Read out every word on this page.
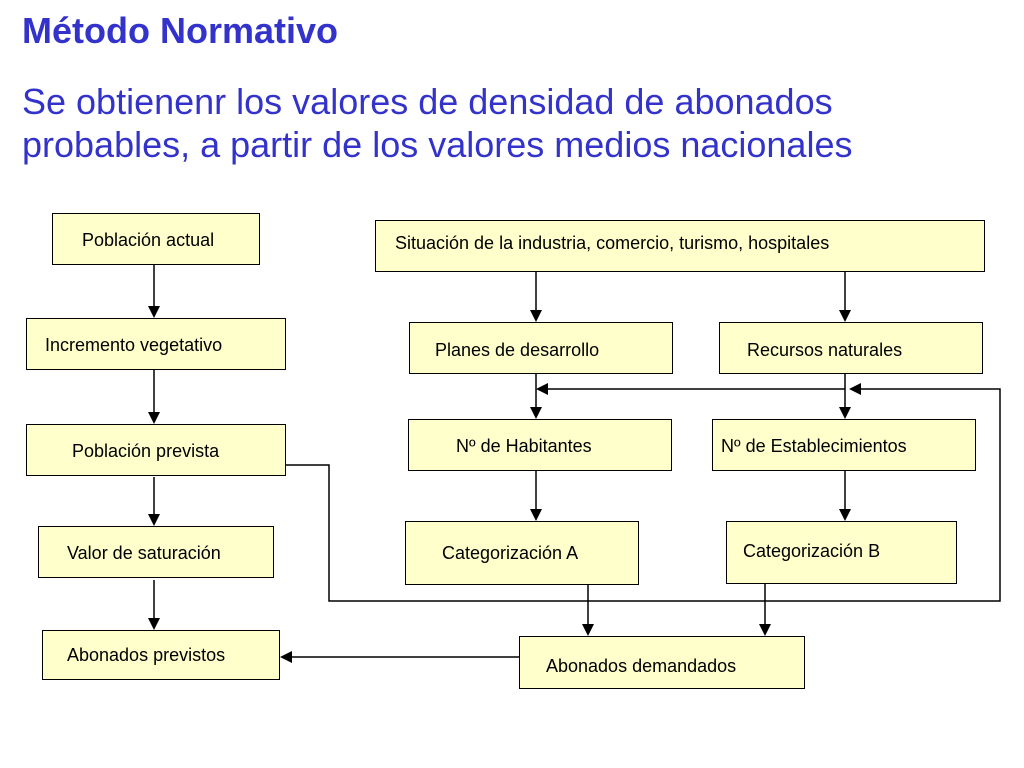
Método Normativo
Se obtienenr los valores de densidad de abonados
probables, a partir de los valores medios nacionales
Población actual
Incremento vegetativo
Población prevista
Valor de saturación
Abonados previstos
Situación de la industria, comercio, turismo, hospitales
Planes de desarrollo	Recursos naturales
Nº de Habitantes	Nº de Establecimientos
Categorización A	Categorización B
Abonados demandados
